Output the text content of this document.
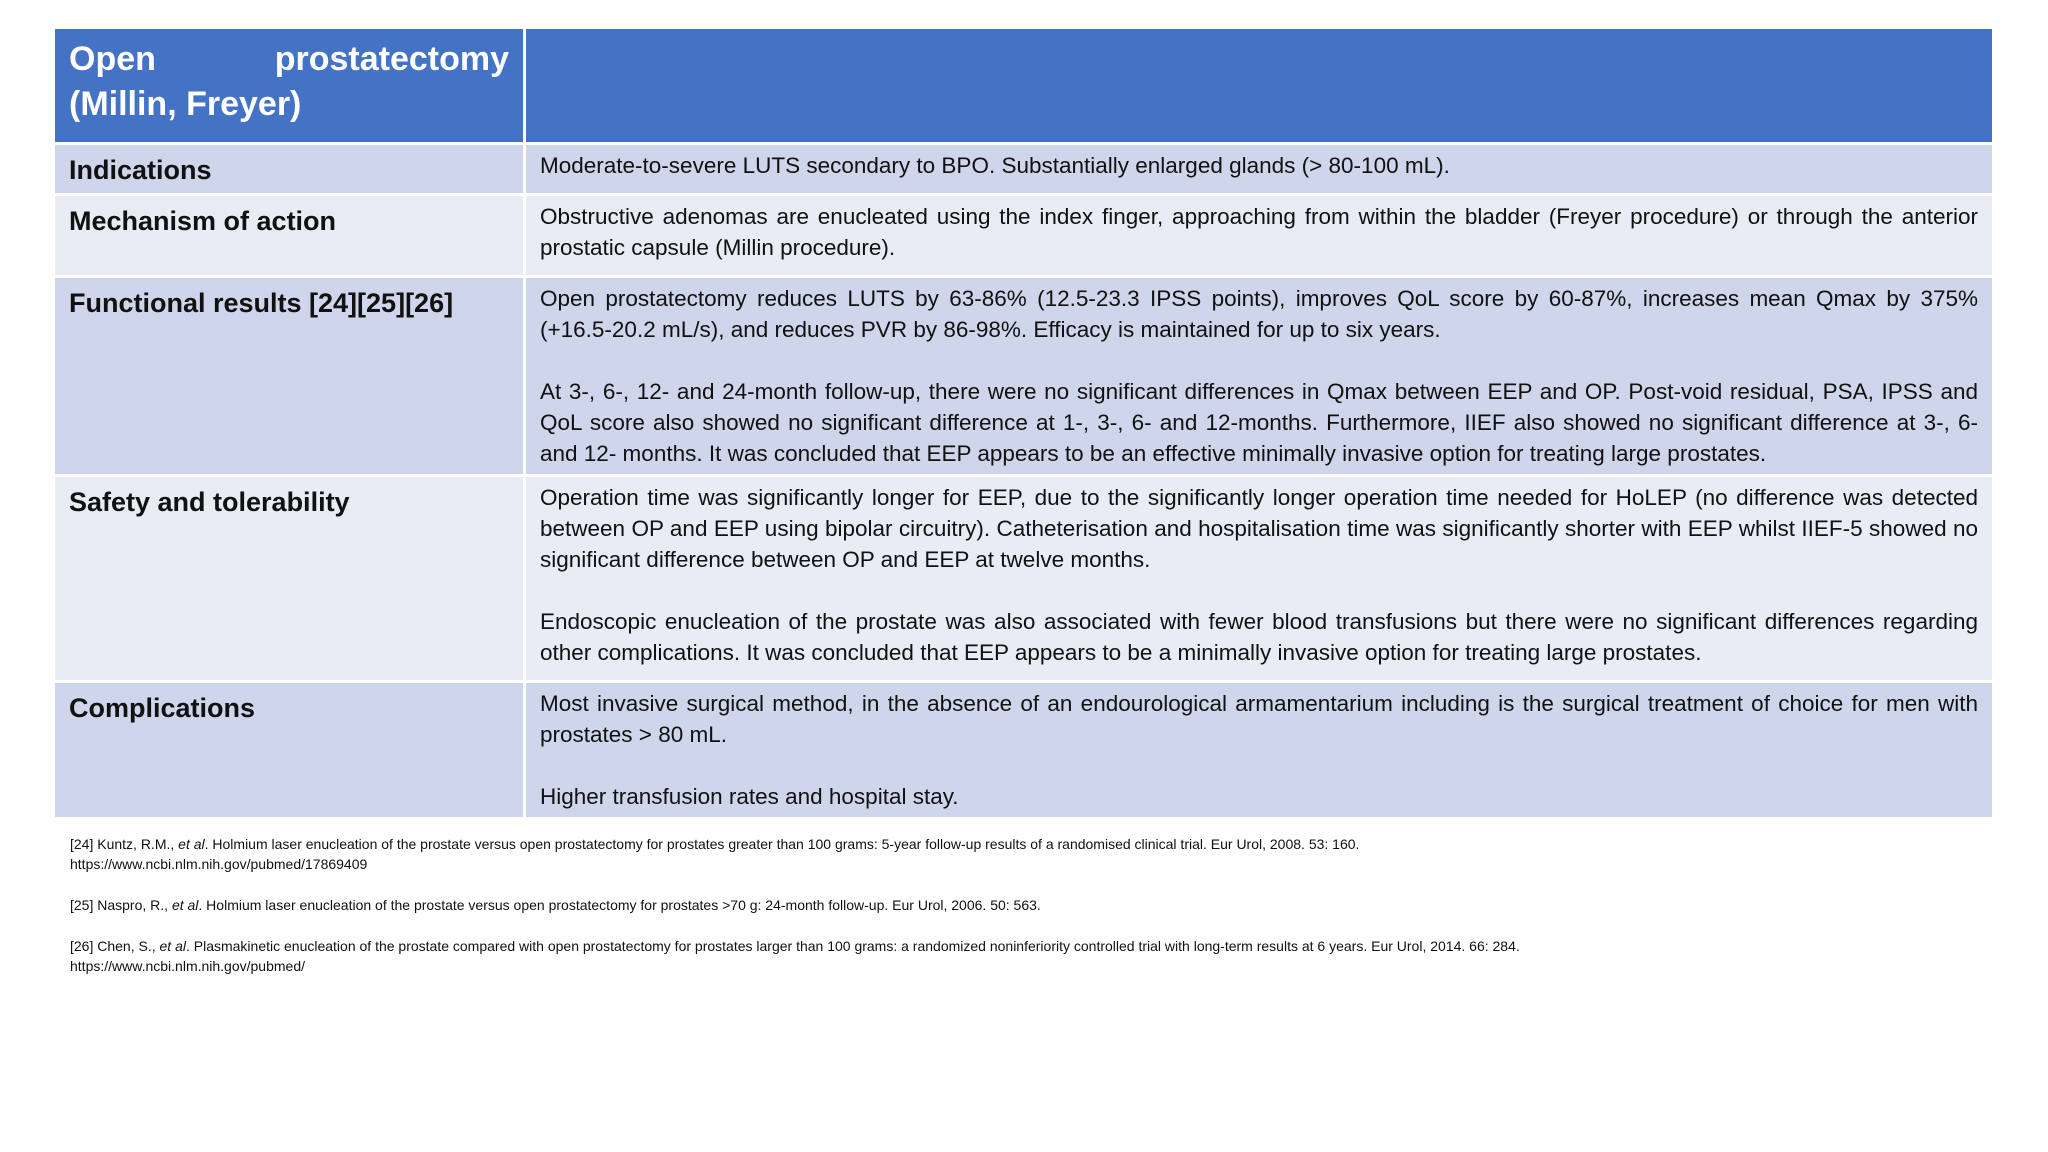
Open prostatectomy (Millin, Freyer)
Indications	Moderate-to-severe LUTS secondary to BPO. Substantially enlarged glands (> 80-100 mL).

Mechanism of action	Obstructive adenomas are enucleated using the index finger, approaching from within the bladder (Freyer procedure) or through the anterior prostatic capsule (Millin procedure).

Functional results [24][25][26]	Open prostatectomy reduces LUTS by 63-86% (12.5-23.3 IPSS points), improves QoL score by 60-87%, increases mean Qmax by 375% (+16.5-20.2 mL/s), and reduces PVR by 86-98%. Efficacy is maintained for up to six years.

At 3-, 6-, 12- and 24-month follow-up, there were no significant differences in Qmax between EEP and OP. Post-void residual, PSA, IPSS and QoL score also showed no significant difference at 1-, 3-, 6- and 12-months. Furthermore, IIEF also showed no significant difference at 3-, 6- and 12- months. It was concluded that EEP appears to be an effective minimally invasive option for treating large prostates.

Safety and tolerability	Operation time was significantly longer for EEP, due to the significantly longer operation time needed for HoLEP (no difference was detected between OP and EEP using bipolar circuitry). Catheterisation and hospitalisation time was significantly shorter with EEP whilst IIEF-5 showed no significant difference between OP and EEP at twelve months.

Endoscopic enucleation of the prostate was also associated with fewer blood transfusions but there were no significant differences regarding other complications. It was concluded that EEP appears to be a minimally invasive option for treating large prostates.

Complications	Most invasive surgical method, in the absence of an endourological armamentarium including is the surgical treatment of choice for men with prostates > 80 mL.

Higher transfusion rates and hospital stay.

[24] Kuntz, R.M., et al. Holmium laser enucleation of the prostate versus open prostatectomy for prostates greater than 100 grams: 5-year follow-up results of a randomised clinical trial. Eur Urol, 2008. 53: 160.
https://www.ncbi.nlm.nih.gov/pubmed/17869409
[25] Naspro, R., et al. Holmium laser enucleation of the prostate versus open prostatectomy for prostates >70 g: 24-month follow-up. Eur Urol, 2006. 50: 563.
[26] Chen, S., et al. Plasmakinetic enucleation of the prostate compared with open prostatectomy for prostates larger than 100 grams: a randomized noninferiority controlled trial with long-term results at 6 years. Eur Urol, 2014. 66: 284.
https://www.ncbi.nlm.nih.gov/pubmed/
